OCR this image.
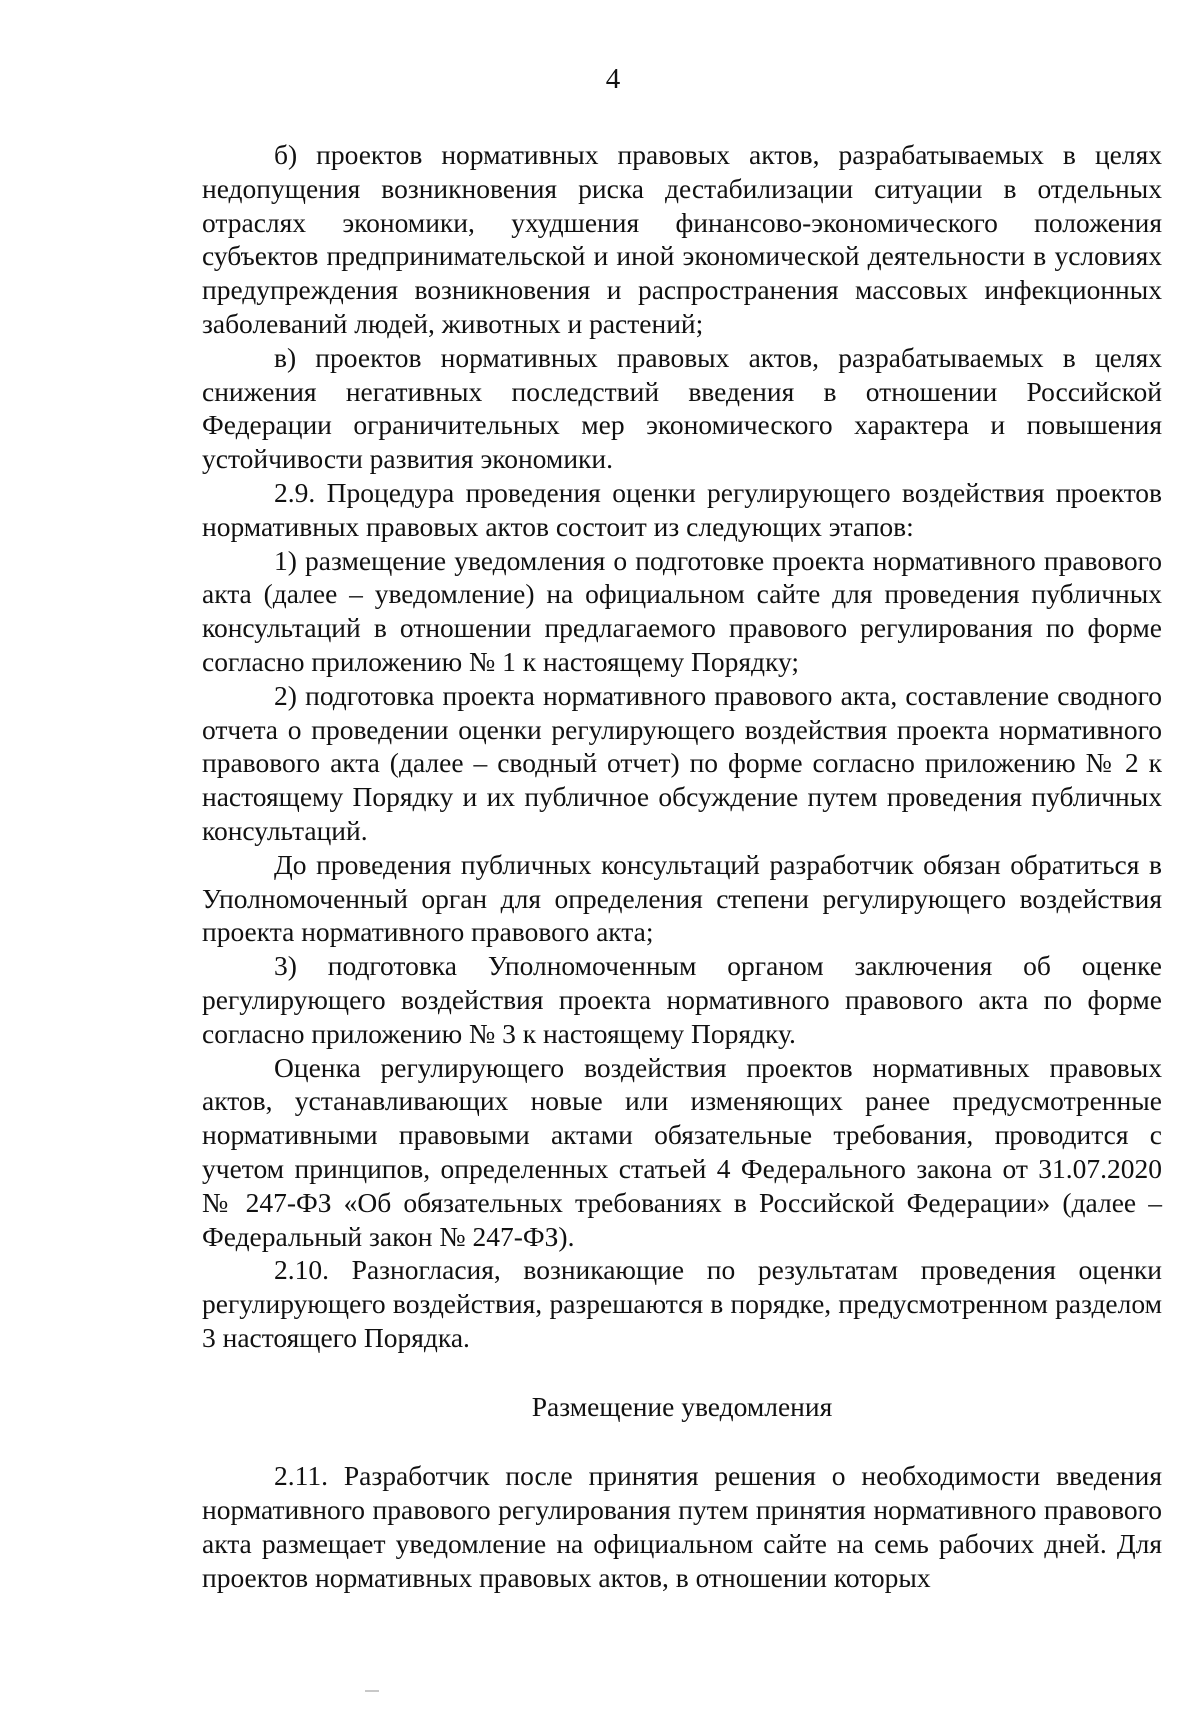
4

б) проектов нормативных правовых актов, разрабатываемых в целях недопущения возникновения риска дестабилизации ситуации в отдельных отраслях экономики, ухудшения финансово-экономического положения субъектов предпринимательской и иной экономической деятельности в условиях предупреждения возникновения и распространения массовых инфекционных заболеваний людей, животных и растений;

в) проектов нормативных правовых актов, разрабатываемых в целях снижения негативных последствий введения в отношении Российской Федерации ограничительных мер экономического характера и повышения устойчивости развития экономики.

2.9. Процедура проведения оценки регулирующего воздействия проектов нормативных правовых актов состоит из следующих этапов:

1) размещение уведомления о подготовке проекта нормативного правового акта (далее – уведомление) на официальном сайте для проведения публичных консультаций в отношении предлагаемого правового регулирования по форме согласно приложению № 1 к настоящему Порядку;

2) подготовка проекта нормативного правового акта, составление сводного отчета о проведении оценки регулирующего воздействия проекта нормативного правового акта (далее – сводный отчет) по форме согласно приложению № 2 к настоящему Порядку и их публичное обсуждение путем проведения публичных консультаций.

До проведения публичных консультаций разработчик обязан обратиться в Уполномоченный орган для определения степени регулирующего воздействия проекта нормативного правового акта;

3) подготовка Уполномоченным органом заключения об оценке регулирующего воздействия проекта нормативного правового акта по форме согласно приложению № 3 к настоящему Порядку.

Оценка регулирующего воздействия проектов нормативных правовых актов, устанавливающих новые или изменяющих ранее предусмотренные нормативными правовыми актами обязательные требования, проводится с учетом принципов, определенных статьей 4 Федерального закона от 31.07.2020 № 247-ФЗ «Об обязательных требованиях в Российской Федерации» (далее – Федеральный закон № 247-ФЗ).

2.10. Разногласия, возникающие по результатам проведения оценки регулирующего воздействия, разрешаются в порядке, предусмотренном разделом 3 настоящего Порядка.

Размещение уведомления

2.11. Разработчик после принятия решения о необходимости введения нормативного правового регулирования путем принятия нормативного правового акта размещает уведомление на официальном сайте на семь рабочих дней. Для проектов нормативных правовых актов, в отношении которых
